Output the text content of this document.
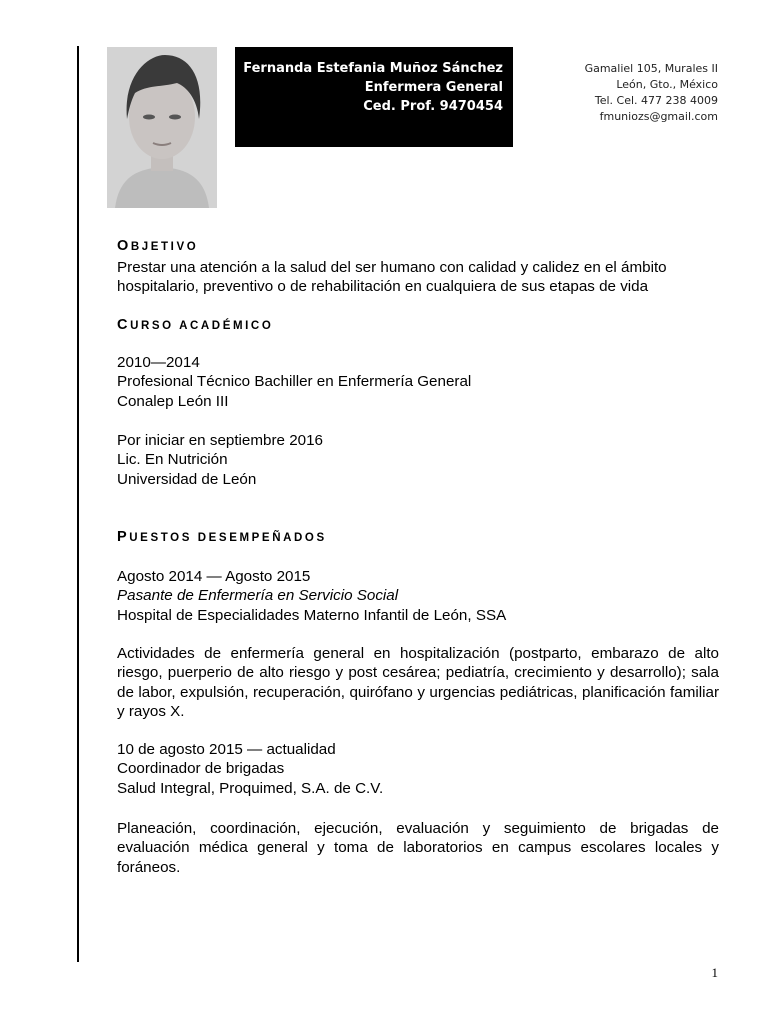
Fernanda Estefania Muñoz Sánchez
Enfermera General
Ced. Prof. 9470454
Gamaliel 105, Murales II
León, Gto., México
Tel. Cel. 477 238 4009
fmuniozs@gmail.com
OBJETIVO
Prestar una atención a la salud del ser humano con calidad y calidez en el ámbito
hospitalario, preventivo o de rehabilitación en cualquiera de sus etapas de vida
CURSO ACADÉMICO
2010—2014
Profesional Técnico Bachiller en Enfermería General
Conalep León III
Por iniciar en septiembre 2016
Lic. En Nutrición
Universidad de León
PUESTOS DESEMPEÑADOS
Agosto 2014 — Agosto 2015
Pasante de Enfermería en Servicio Social
Hospital de Especialidades Materno Infantil de León, SSA
Actividades de enfermería general en hospitalización (postparto, embarazo de alto riesgo, puerperio de alto riesgo y post cesárea; pediatría, crecimiento y desarrollo); sala de labor, expulsión, recuperación, quirófano y urgencias pediátricas, planificación familiar y rayos X.
10 de agosto 2015 — actualidad
Coordinador de brigadas
Salud Integral, Proquimed, S.A. de C.V.
Planeación, coordinación, ejecución, evaluación y seguimiento de brigadas de evaluación médica general y toma de laboratorios en campus escolares locales y foráneos.
1
